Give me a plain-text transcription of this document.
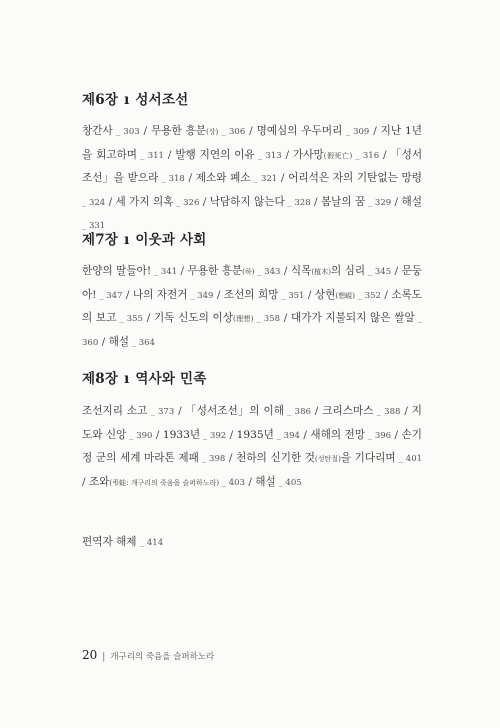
제6장 ı 성서조선
창간사 _ 303 / 무용한 흥분(상) _ 306 / 명예심의 우두머리 _ 309 / 지난 1년을 회고하며 _ 311 / 발행 지연의 이유 _ 313 / 가사망(假死亡) _ 316 / 「성서조선」을 받으라 _ 318 / 제소와 폐소 _ 321 / 어리석은 자의 기탄없는 망령 _ 324 / 세 가지 의혹 _ 326 / 낙담하지 않는다 _ 328 / 봄날의 꿈 _ 329 / 해설 _ 331
제7장 ı 이웃과 사회
한양의 딸들아! _ 341 / 무용한 흥분(하) _ 343 / 식목(植木)의 심리 _ 345 / 문둥아! _ 347 / 나의 자전거 _ 349 / 조선의 희망 _ 351 / 상현(想峴) _ 352 / 소록도의 보고 _ 355 / 기독 신도의 이상(理想) _ 358 / 대가가 지불되지 않은 쌀알 _ 360 / 해설 _ 364
제8장 ı 역사와 민족
조선지리 소고 _ 373 / 「성서조선」의 이해 _ 386 / 크리스마스 _ 388 / 지도와 신앙 _ 390 / 1933년 _ 392 / 1935년 _ 394 / 새해의 전망 _ 396 / 손기정 군의 세계 마라톤 제패 _ 398 / 천하의 신기한 것(성탄절)을 기다리며 _ 401 / 조와(弔蛙: 개구리의 죽음을 슬퍼하노라) _ 403 / 해설 _ 405
편역자 해제 _ 414
20 | 개구리의 죽음을 슬퍼하노라
